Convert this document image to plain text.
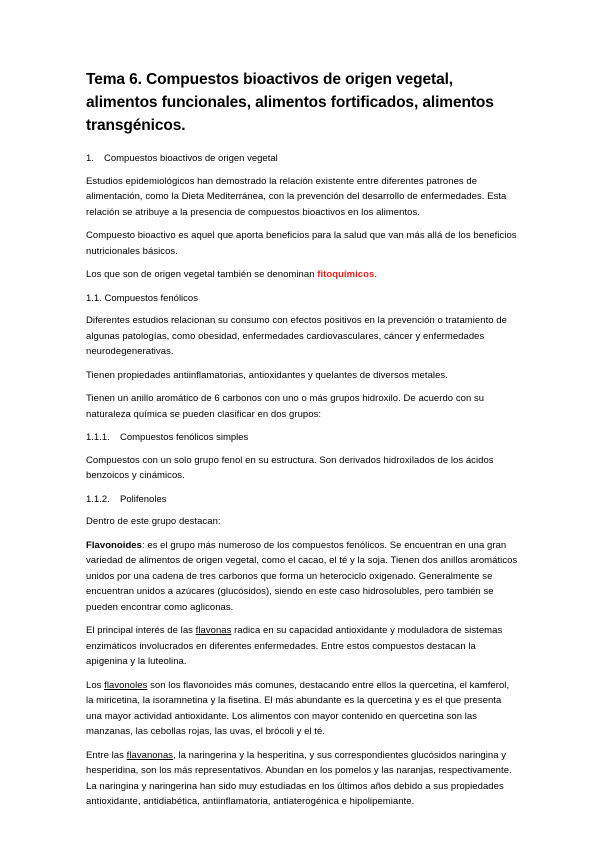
Tema 6. Compuestos bioactivos de origen vegetal, alimentos funcionales, alimentos fortificados, alimentos transgénicos.
1. Compuestos bioactivos de origen vegetal

Estudios epidemiológicos han demostrado la relación existente entre diferentes patrones de alimentación, como la Dieta Mediterránea, con la prevención del desarrollo de enfermedades. Esta relación se atribuye a la presencia de compuestos bioactivos en los alimentos.

Compuesto bioactivo es aquel que aporta beneficios para la salud que van más allá de los beneficios nutricionales básicos.

Los que son de origen vegetal también se denominan fitoquímicos.

1.1. Compuestos fenólicos

Diferentes estudios relacionan su consumo con efectos positivos en la prevención o tratamiento de algunas patologías, como obesidad, enfermedades cardiovasculares, cáncer y enfermedades neurodegenerativas.

Tienen propiedades antiinflamatorias, antioxidantes y quelantes de diversos metales.

Tienen un anillo aromático de 6 carbonos con uno o más grupos hidroxilo. De acuerdo con su naturaleza química se pueden clasificar en dos grupos:

1.1.1. Compuestos fenólicos simples

Compuestos con un solo grupo fenol en su estructura. Son derivados hidroxilados de los ácidos benzoicos y cinámicos.

1.1.2. Polifenoles

Dentro de este grupo destacan:

Flavonoides: es el grupo más numeroso de los compuestos fenólicos. Se encuentran en una gran variedad de alimentos de origen vegetal, como el cacao, el té y la soja. Tienen dos anillos aromáticos unidos por una cadena de tres carbonos que forma un heterociclo oxigenado. Generalmente se encuentran unidos a azúcares (glucósidos), siendo en este caso hidrosolubles, pero también se pueden encontrar como agliconas.

El principal interés de las flavonas radica en su capacidad antioxidante y moduladora de sistemas enzimáticos involucrados en diferentes enfermedades. Entre estos compuestos destacan la apigenina y la luteolina.

Los flavonoles son los flavonoides más comunes, destacando entre ellos la quercetina, el kamferol, la miricetina, la isoramnetina y la fisetina. El más abundante es la quercetina y es el que presenta una mayor actividad antioxidante. Los alimentos con mayor contenido en quercetina son las manzanas, las cebollas rojas, las uvas, el brócoli y el té.

Entre las flavanonas, la naringerina y la hesperitina, y sus correspondientes glucósidos naringina y hesperidina, son los más representativos. Abundan en los pomelos y las naranjas, respectivamente. La naringina y naringerina han sido muy estudiadas en los últimos años debido a sus propiedades antioxidante, antidiabética, antiinflamatoria, antiaterogénica e hipolipemiante.
